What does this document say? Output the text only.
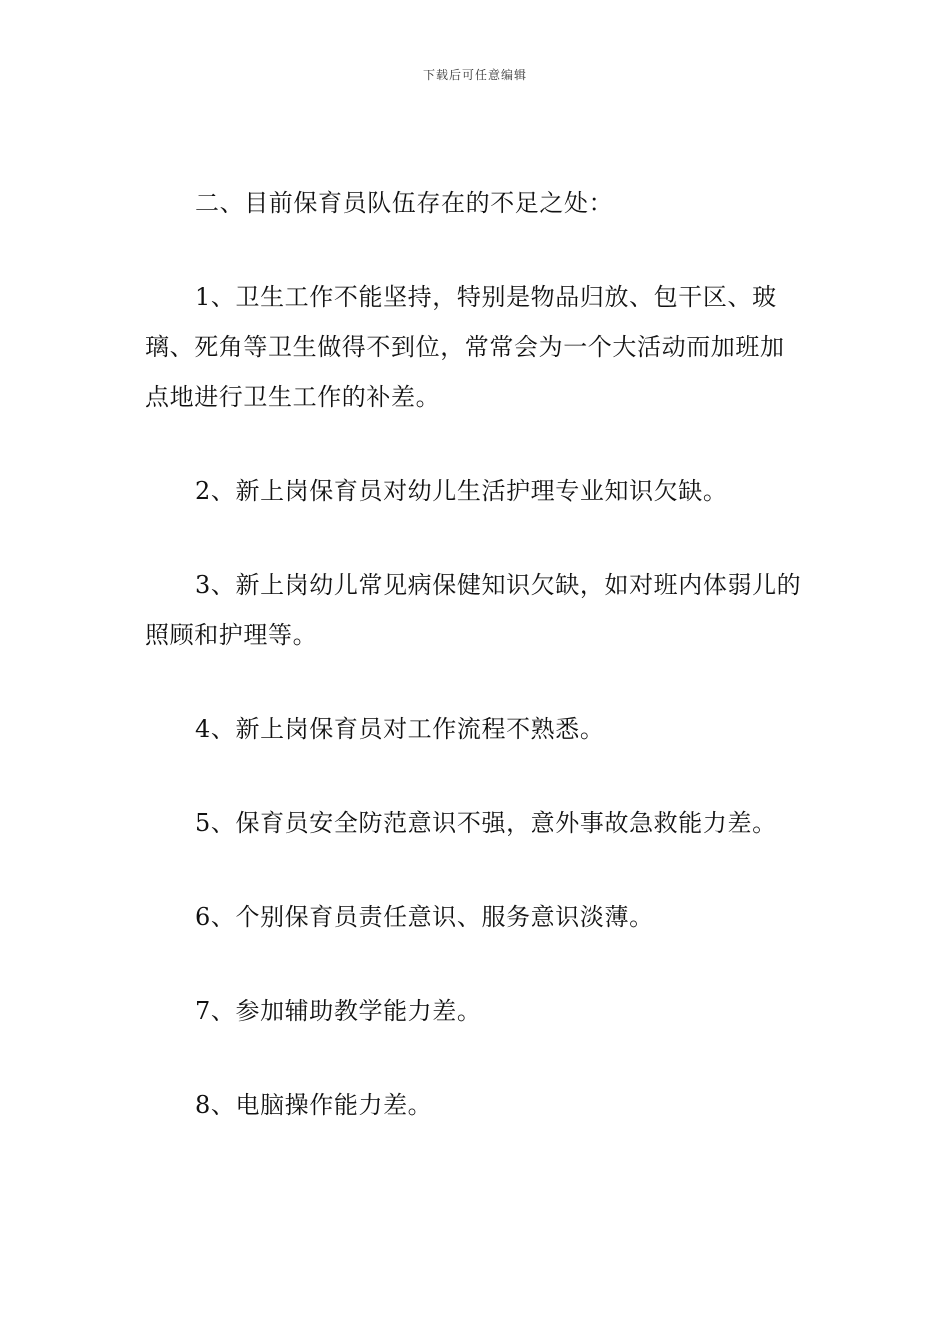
下载后可任意编辑

二、目前保育员队伍存在的不足之处：

1、卫生工作不能坚持，特别是物品归放、包干区、玻璃、死角等卫生做得不到位，常常会为一个大活动而加班加点地进行卫生工作的补差。

2、新上岗保育员对幼儿生活护理专业知识欠缺。

3、新上岗幼儿常见病保健知识欠缺，如对班内体弱儿的照顾和护理等。

4、新上岗保育员对工作流程不熟悉。

5、保育员安全防范意识不强，意外事故急救能力差。

6、个别保育员责任意识、服务意识淡薄。

7、参加辅助教学能力差。

8、电脑操作能力差。
